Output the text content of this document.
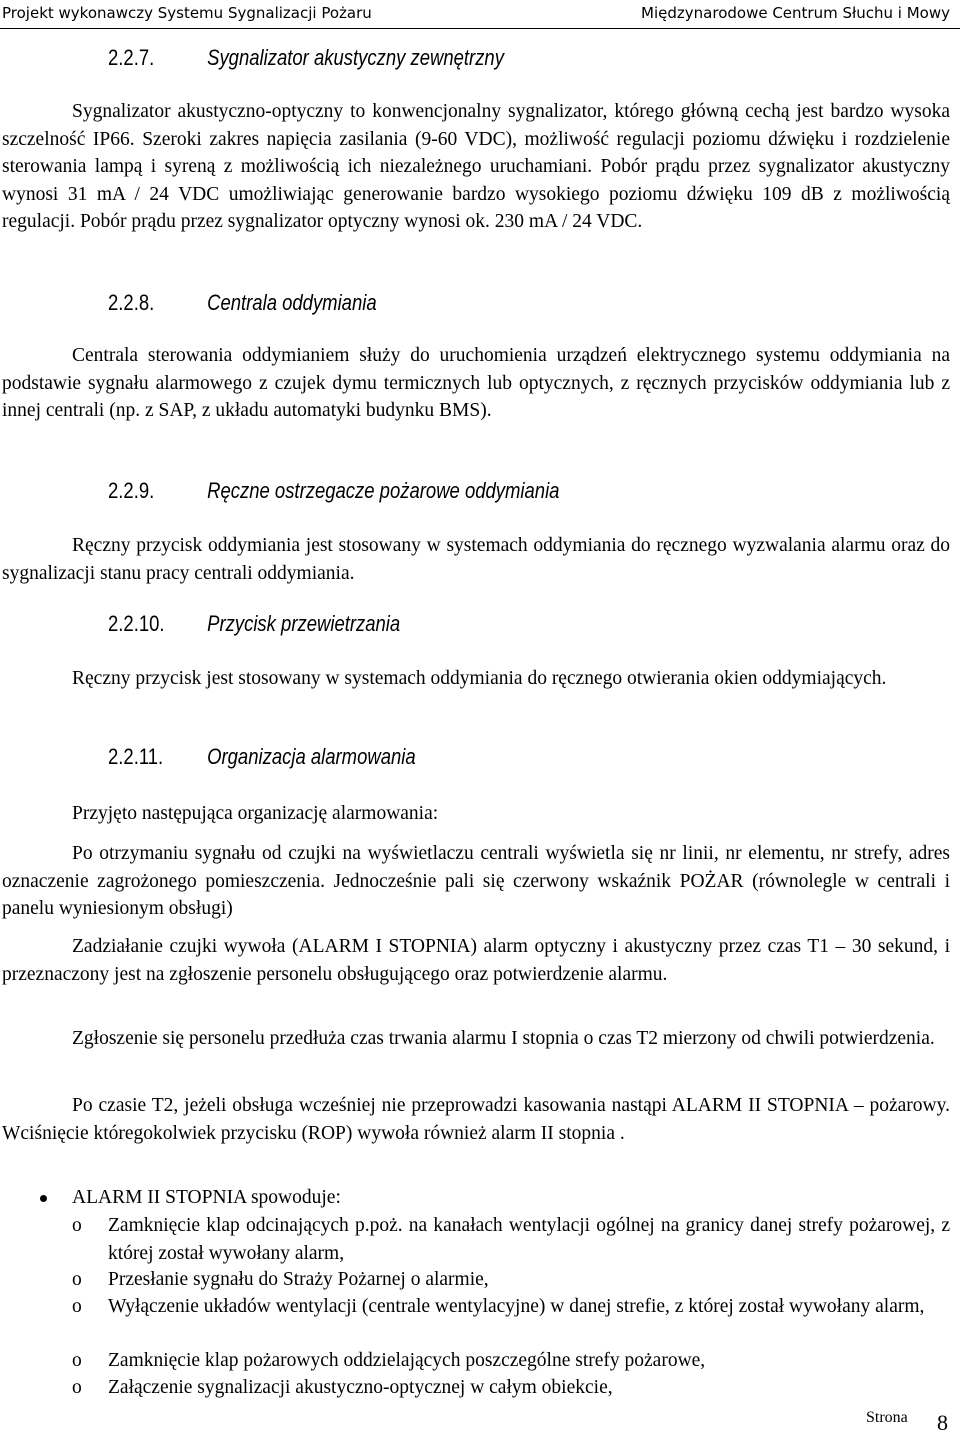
Projekt wykonawczy Systemu Sygnalizacji Pożaru	Międzynarodowe Centrum Słuchu i Mowy
2.2.7. Sygnalizator akustyczny zewnętrzny

Sygnalizator akustyczno-optyczny to konwencjonalny sygnalizator, którego główną cechą jest bardzo wysoka szczelność IP66. Szeroki zakres napięcia zasilania (9-60 VDC), możliwość regulacji poziomu dźwięku i rozdzielenie sterowania lampą i syreną z możliwością ich niezależnego uruchamiani. Pobór prądu przez sygnalizator akustyczny wynosi 31 mA / 24 VDC umożliwiając generowanie bardzo wysokiego poziomu dźwięku 109 dB z możliwością regulacji. Pobór prądu przez sygnalizator optyczny wynosi ok. 230 mA / 24 VDC.

2.2.8. Centrala oddymiania

Centrala sterowania oddymianiem służy do uruchomienia urządzeń elektrycznego systemu oddymiania na podstawie sygnału alarmowego z czujek dymu termicznych lub optycznych, z ręcznych przycisków oddymiania lub z innej centrali (np. z SAP, z układu automatyki budynku BMS).

2.2.9. Ręczne ostrzegacze pożarowe oddymiania

Ręczny przycisk oddymiania jest stosowany w systemach oddymiania do ręcznego wyzwalania alarmu oraz do sygnalizacji stanu pracy centrali oddymiania.

2.2.10. Przycisk przewietrzania

Ręczny przycisk jest stosowany w systemach oddymiania do ręcznego otwierania okien oddymiających.

2.2.11. Organizacja alarmowania

Przyjęto następująca organizację alarmowania:

Po otrzymaniu sygnału od czujki na wyświetlaczu centrali wyświetla się nr linii, nr elementu, nr strefy, adres oznaczenie zagrożonego pomieszczenia. Jednocześnie pali się czerwony wskaźnik POŻAR (równolegle w centrali i panelu wyniesionym obsługi)

Zadziałanie czujki wywoła (ALARM I STOPNIA) alarm optyczny i akustyczny przez czas T1 – 30 sekund, i przeznaczony jest na zgłoszenie personelu obsługującego oraz potwierdzenie alarmu.

Zgłoszenie się personelu przedłuża czas trwania alarmu I stopnia o czas T2 mierzony od chwili potwierdzenia.

Po czasie T2, jeżeli obsługa wcześniej nie przeprowadzi kasowania nastąpi ALARM II STOPNIA – pożarowy. Wciśnięcie któregokolwiek przycisku (ROP) wywoła również alarm II stopnia .

ALARM II STOPNIA spowoduje:
o	Zamknięcie klap odcinających p.poż. na kanałach wentylacji ogólnej na granicy danej strefy pożarowej, z której został wywołany alarm,
o	Przesłanie sygnału do Straży Pożarnej o alarmie,
o	Wyłączenie układów wentylacji (centrale wentylacyjne) w danej strefie, z której został wywołany alarm,
o	Zamknięcie klap pożarowych oddzielających poszczególne strefy pożarowe,
o	Załączenie sygnalizacji akustyczno-optycznej w całym obiekcie,
Strona 8
